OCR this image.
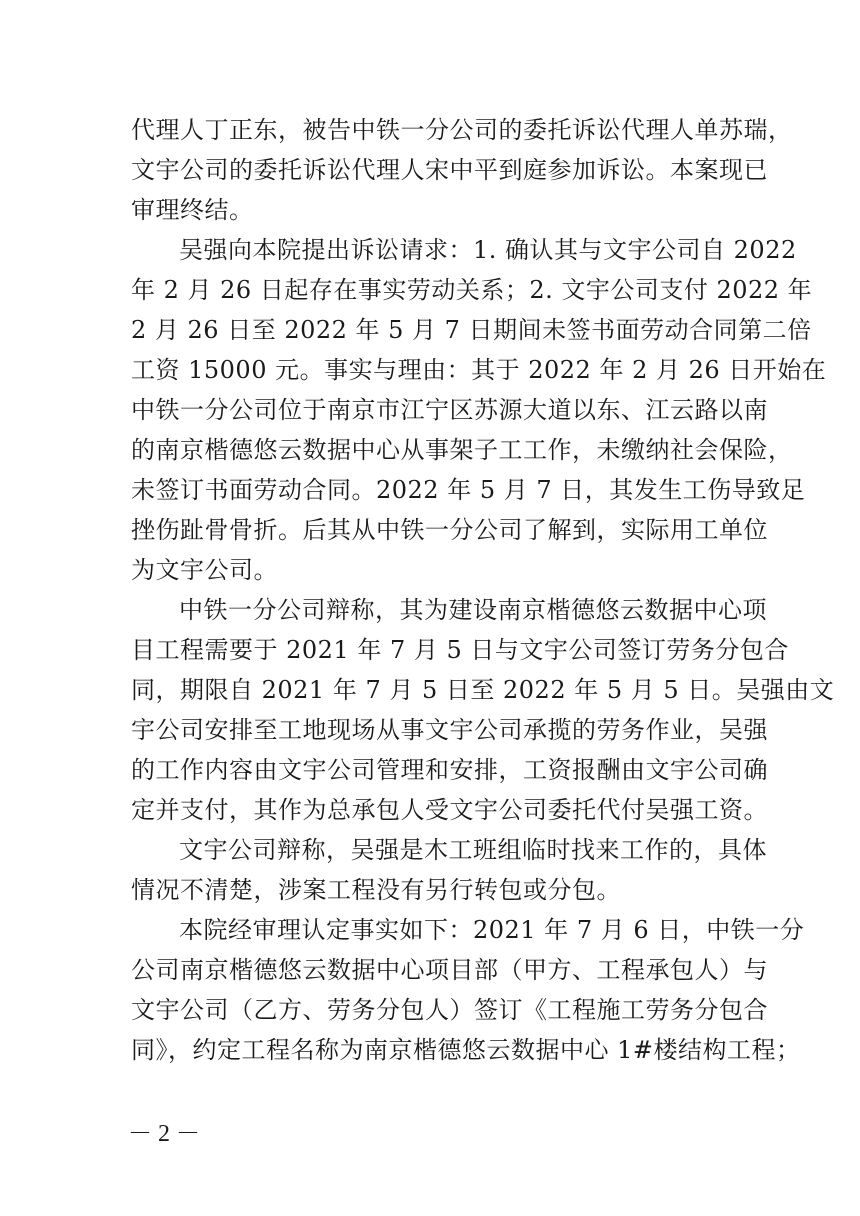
代理人丁正东，被告中铁一分公司的委托诉讼代理人单苏瑞，
文宇公司的委托诉讼代理人宋中平到庭参加诉讼。本案现已
审理终结。
吴强向本院提出诉讼请求：1. 确认其与文宇公司自 2022
年 2 月 26 日起存在事实劳动关系；2. 文宇公司支付 2022 年
2 月 26 日至 2022 年 5 月 7 日期间未签书面劳动合同第二倍
工资 15000 元。事实与理由：其于 2022 年 2 月 26 日开始在
中铁一分公司位于南京市江宁区苏源大道以东、江云路以南
的南京楷德悠云数据中心从事架子工工作，未缴纳社会保险，
未签订书面劳动合同。2022 年 5 月 7 日，其发生工伤导致足
挫伤趾骨骨折。后其从中铁一分公司了解到，实际用工单位
为文宇公司。
中铁一分公司辩称，其为建设南京楷德悠云数据中心项
目工程需要于 2021 年 7 月 5 日与文宇公司签订劳务分包合
同，期限自 2021 年 7 月 5 日至 2022 年 5 月 5 日。吴强由文
宇公司安排至工地现场从事文宇公司承揽的劳务作业，吴强
的工作内容由文宇公司管理和安排，工资报酬由文宇公司确
定并支付，其作为总承包人受文宇公司委托代付吴强工资。
文宇公司辩称，吴强是木工班组临时找来工作的，具体
情况不清楚，涉案工程没有另行转包或分包。
本院经审理认定事实如下：2021 年 7 月 6 日，中铁一分
公司南京楷德悠云数据中心项目部（甲方、工程承包人）与
文宇公司（乙方、劳务分包人）签订《工程施工劳务分包合
同》，约定工程名称为南京楷德悠云数据中心 1#楼结构工程；
－ 2 －
